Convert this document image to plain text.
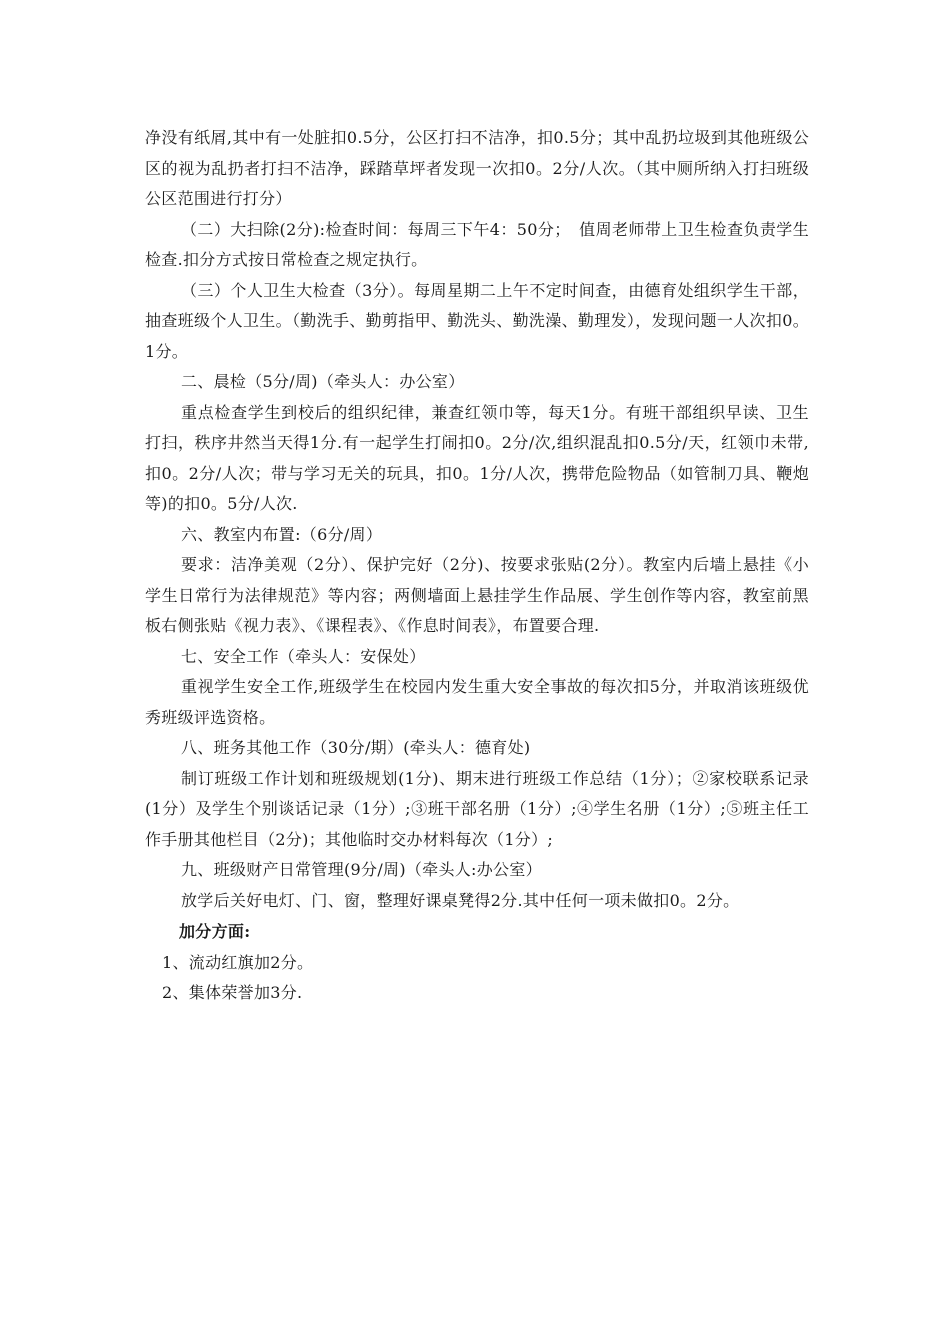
净没有纸屑,其中有一处脏扣0.5分，公区打扫不洁净，扣0.5分；其中乱扔垃圾到其他班级公区的视为乱扔者打扫不洁净，踩踏草坪者发现一次扣0。2分/人次。（其中厕所纳入打扫班级公区范围进行打分）

（二）大扫除(2分):检查时间：每周三下午4：50分；　值周老师带上卫生检查负责学生检查.扣分方式按日常检查之规定执行。

（三）个人卫生大检查（3分）。每周星期二上午不定时间查，由德育处组织学生干部，抽查班级个人卫生。（勤洗手、勤剪指甲、勤洗头、勤洗澡、勤理发），发现问题一人次扣0。1分。

二、晨检（5分/周)（牵头人：办公室）

重点检查学生到校后的组织纪律，兼查红领巾等，每天1分。有班干部组织早读、卫生打扫，秩序井然当天得1分.有一起学生打闹扣0。2分/次,组织混乱扣0.5分/天，红领巾未带,扣0。2分/人次；带与学习无关的玩具，扣0。1分/人次，携带危险物品（如管制刀具、鞭炮等)的扣0。5分/人次.

六、教室内布置:（6分/周）

要求：洁净美观（2分）、保护完好（2分)、按要求张贴(2分）。教室内后墙上悬挂《小学生日常行为法律规范》等内容；两侧墙面上悬挂学生作品展、学生创作等内容，教室前黑板右侧张贴《视力表》、《课程表》、《作息时间表》，布置要合理.

七、安全工作（牵头人：安保处）

重视学生安全工作,班级学生在校园内发生重大安全事故的每次扣5分，并取消该班级优秀班级评选资格。

八、班务其他工作（30分/期）(牵头人：德育处)

制订班级工作计划和班级规划(1分)、期末进行班级工作总结（1分）；②家校联系记录(1分）及学生个别谈话记录（1分）;③班干部名册（1分）;④学生名册（1分）;⑤班主任工作手册其他栏目（2分)；其他临时交办材料每次（1分）;

九、班级财产日常管理(9分/周)（牵头人:办公室）

放学后关好电灯、门、窗，整理好课桌凳得2分.其中任何一项未做扣0。2分。

加分方面:

1、流动红旗加2分。

2、集体荣誉加3分.
